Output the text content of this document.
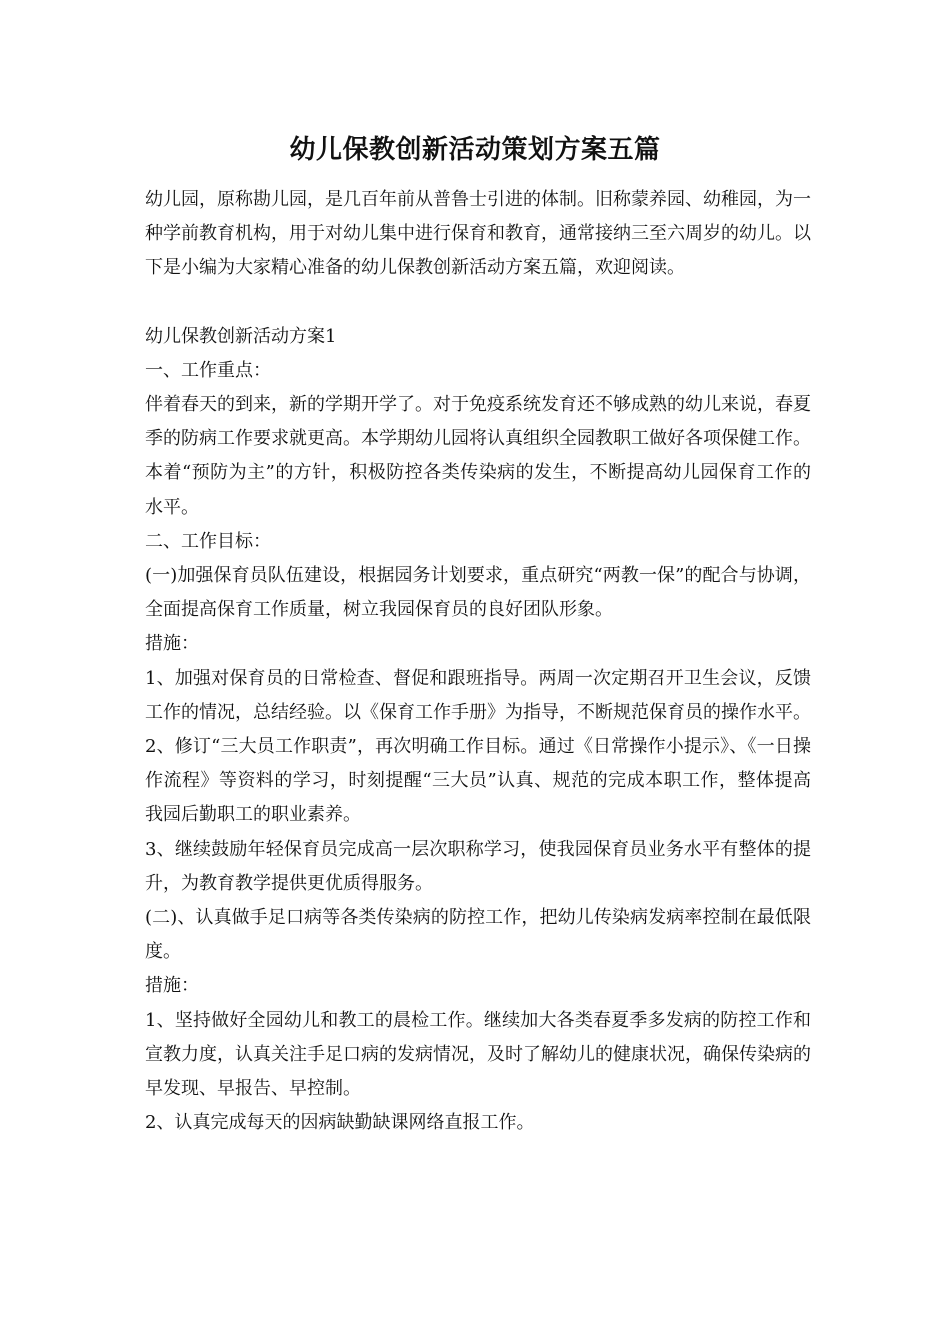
幼儿保教创新活动策划方案五篇

幼儿园，原称勘儿园，是几百年前从普鲁士引进的体制。旧称蒙养园、幼稚园，为一种学前教育机构，用于对幼儿集中进行保育和教育，通常接纳三至六周岁的幼儿。以下是小编为大家精心准备的幼儿保教创新活动方案五篇，欢迎阅读。

幼儿保教创新活动方案1

一、工作重点：

伴着春天的到来，新的学期开学了。对于免疫系统发育还不够成熟的幼儿来说，春夏季的防病工作要求就更高。本学期幼儿园将认真组织全园教职工做好各项保健工作。本着“预防为主”的方针，积极防控各类传染病的发生，不断提高幼儿园保育工作的水平。

二、工作目标：

(一)加强保育员队伍建设，根据园务计划要求，重点研究“两教一保”的配合与协调，全面提高保育工作质量，树立我园保育员的良好团队形象。

措施：

1、加强对保育员的日常检查、督促和跟班指导。两周一次定期召开卫生会议，反馈工作的情况，总结经验。以《保育工作手册》为指导，不断规范保育员的操作水平。

2、修订“三大员工作职责”，再次明确工作目标。通过《日常操作小提示》、《一日操作流程》等资料的学习，时刻提醒“三大员”认真、规范的完成本职工作，整体提高我园后勤职工的职业素养。

3、继续鼓励年轻保育员完成高一层次职称学习，使我园保育员业务水平有整体的提升，为教育教学提供更优质得服务。

(二)、认真做手足口病等各类传染病的防控工作，把幼儿传染病发病率控制在最低限度。

措施：

1、坚持做好全园幼儿和教工的晨检工作。继续加大各类春夏季多发病的防控工作和宣教力度，认真关注手足口病的发病情况，及时了解幼儿的健康状况，确保传染病的早发现、早报告、早控制。

2、认真完成每天的因病缺勤缺课网络直报工作。
